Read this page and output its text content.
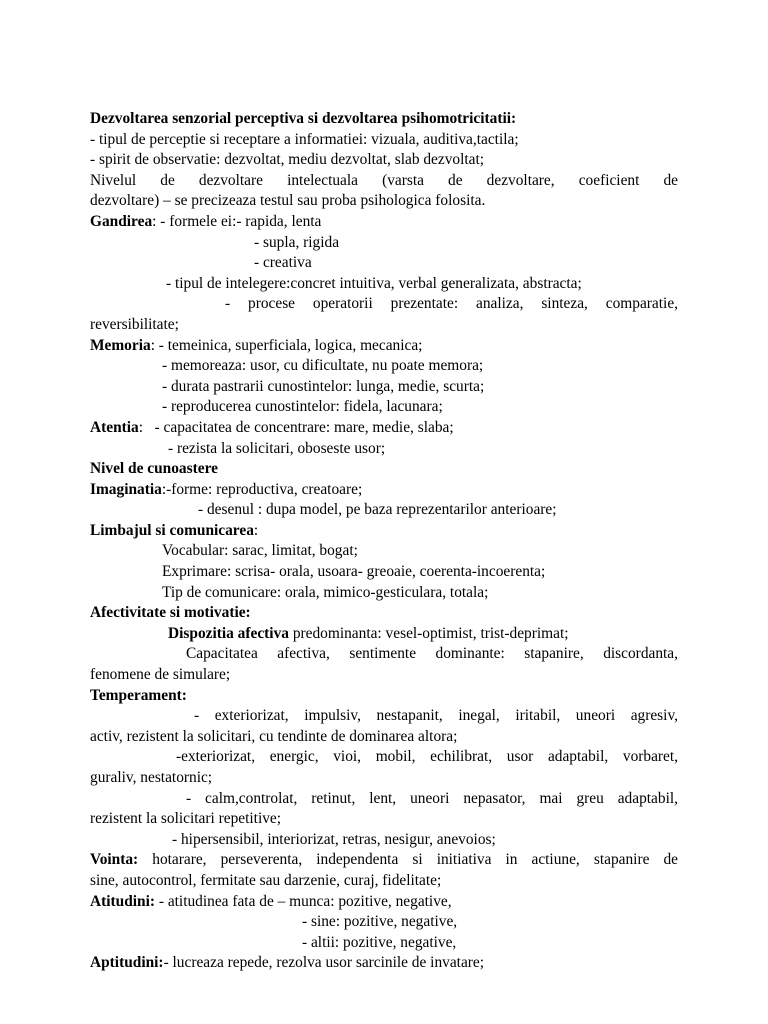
Dezvoltarea senzorial perceptiva si dezvoltarea psihomotricitatii:
- tipul de perceptie si receptare a informatiei: vizuala, auditiva,tactila;
- spirit de observatie: dezvoltat, mediu dezvoltat, slab dezvoltat;
Nivelul de dezvoltare intelectuala (varsta de dezvoltare, coeficient de
dezvoltare) – se precizeaza testul sau proba psihologica folosita.
Gandirea: - formele ei:- rapida, lenta
- supla, rigida
- creativa
- tipul de intelegere:concret intuitiva, verbal generalizata, abstracta;
- procese operatorii prezentate: analiza, sinteza, comparatie,
reversibilitate;
Memoria: - temeinica, superficiala, logica, mecanica;
- memoreaza: usor, cu dificultate, nu poate memora;
- durata pastrarii cunostintelor: lunga, medie, scurta;
- reproducerea cunostintelor: fidela, lacunara;
Atentia:   - capacitatea de concentrare: mare, medie, slaba;
- rezista la solicitari, oboseste usor;
Nivel de cunoastere
Imaginatia:-forme: reproductiva, creatoare;
- desenul : dupa model, pe baza reprezentarilor anterioare;
Limbajul si comunicarea:
Vocabular: sarac, limitat, bogat;
Exprimare: scrisa- orala, usoara- greoaie, coerenta-incoerenta;
Tip de comunicare: orala, mimico-gesticulara, totala;
Afectivitate si motivatie:
Dispozitia afectiva predominanta: vesel-optimist, trist-deprimat;
Capacitatea afectiva, sentimente dominante: stapanire, discordanta,
fenomene de simulare;
Temperament:
- exteriorizat, impulsiv, nestapanit, inegal, iritabil, uneori agresiv,
activ, rezistent la solicitari, cu tendinte de dominarea altora;
-exteriorizat, energic, vioi, mobil, echilibrat, usor adaptabil, vorbaret,
guraliv, nestatornic;
- calm,controlat, retinut, lent, uneori nepasator, mai greu adaptabil,
rezistent la solicitari repetitive;
- hipersensibil, interiorizat, retras, nesigur, anevoios;
Vointa: hotarare, perseverenta, independenta si initiativa in actiune, stapanire de
sine, autocontrol, fermitate sau darzenie, curaj, fidelitate;
Atitudini: - atitudinea fata de – munca: pozitive, negative,
- sine: pozitive, negative,
- altii: pozitive, negative,
Aptitudini:- lucreaza repede, rezolva usor sarcinile de invatare;
